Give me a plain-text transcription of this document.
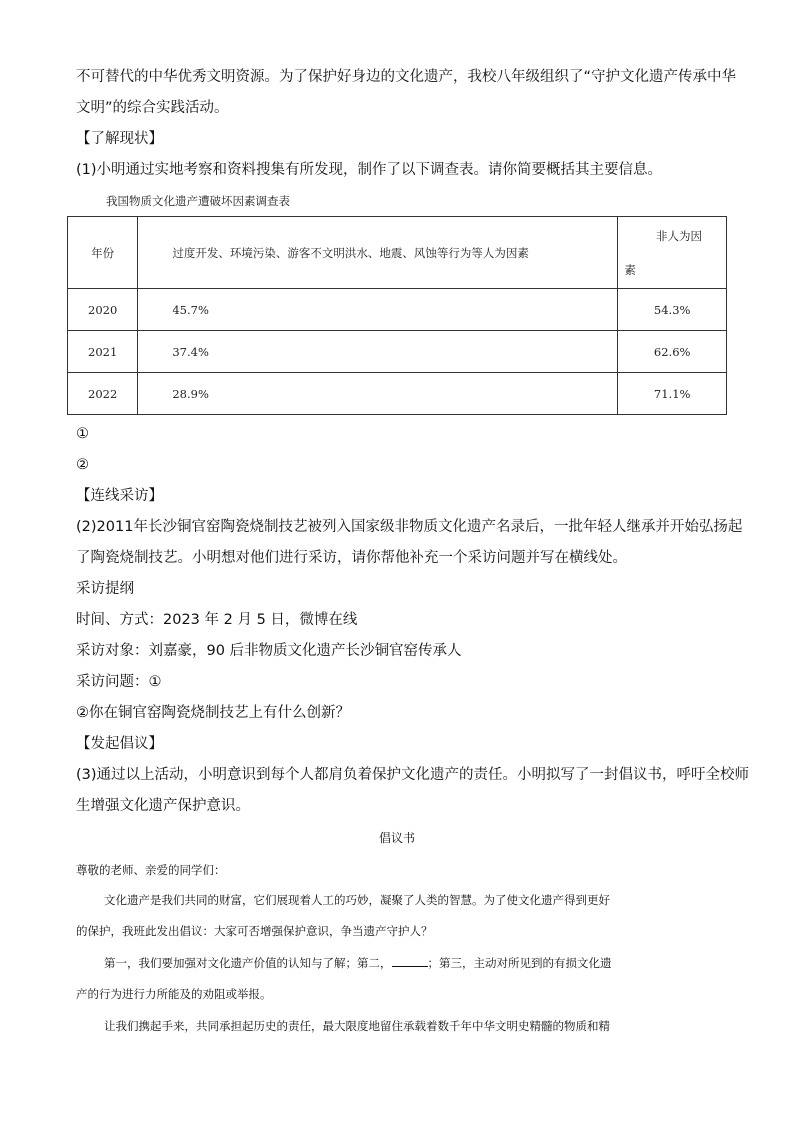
不可替代的中华优秀文明资源。为了保护好身边的文化遗产，我校八年级组织了“守护文化遗产传承中华
文明”的综合实践活动。
【了解现状】
(1)小明通过实地考察和资料搜集有所发现，制作了以下调查表。请你简要概括其主要信息。
我国物质文化遗产遭破坏因素调查表
年份	过度开发、环境污染、游客不文明洪水、地震、风蚀等行为等人为因素	非人为因
素
2020	45.7%	54.3%
2021	37.4%	62.6%
2022	28.9%	71.1%
①
②
【连线采访】
(2)2011年长沙铜官窑陶瓷烧制技艺被列入国家级非物质文化遗产名录后，一批年轻人继承并开始弘扬起
了陶瓷烧制技艺。小明想对他们进行采访，请你帮他补充一个采访问题并写在横线处。
采访提纲
时间、方式：2023 年 2 月 5 日，微博在线
采访对象：刘嘉豪，90 后非物质文化遗产长沙铜官窑传承人
采访问题：①
②你在铜官窑陶瓷烧制技艺上有什么创新？
【发起倡议】
(3)通过以上活动，小明意识到每个人都肩负着保护文化遗产的责任。小明拟写了一封倡议书，呼吁全校师
生增强文化遗产保护意识。
倡议书
尊敬的老师、亲爱的同学们：
文化遗产是我们共同的财富，它们展现着人工的巧妙，凝聚了人类的智慧。为了使文化遗产得到更好
的保护，我班此发出倡议：大家可否增强保护意识，争当遗产守护人？
第一，我们要加强对文化遗产价值的认知与了解；第二，	；第三，主动对所见到的有损文化遗
产的行为进行力所能及的劝阻或举报。
让我们携起手来，共同承担起历史的责任，最大限度地留住承载着数千年中华文明史精髓的物质和精
